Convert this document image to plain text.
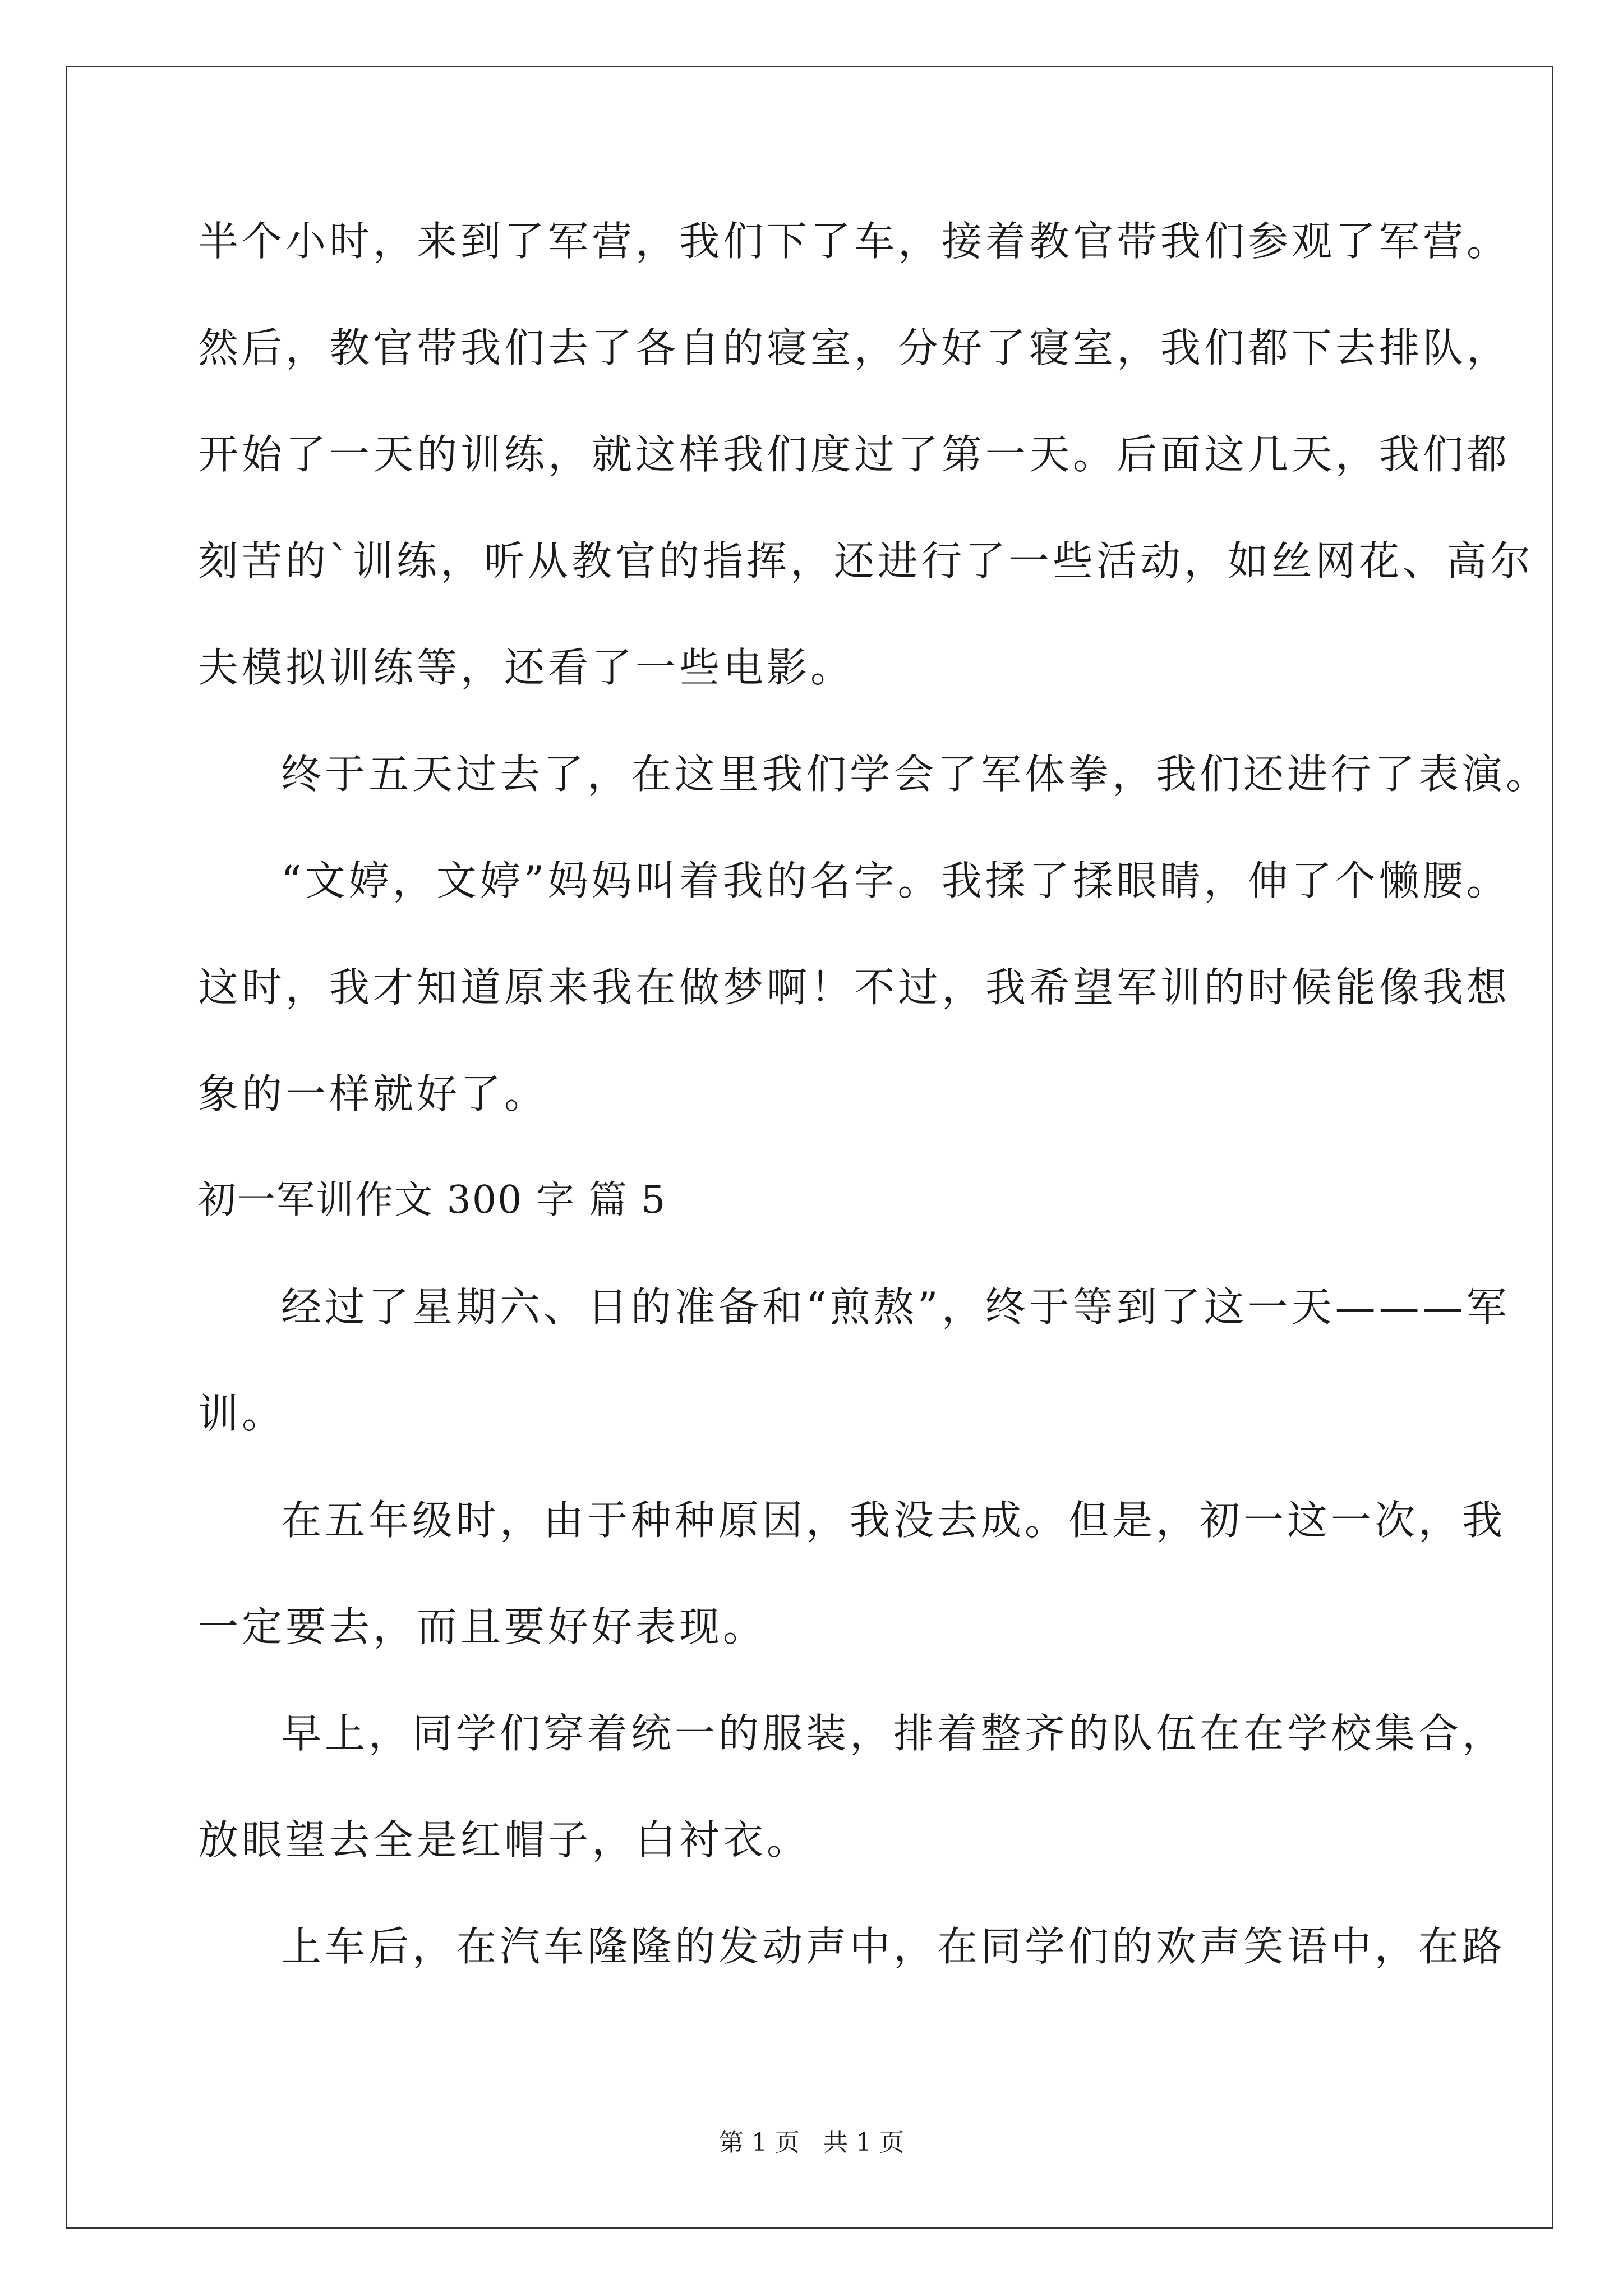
半个小时，来到了军营，我们下了车，接着教官带我们参观了军营。
然后，教官带我们去了各自的寝室，分好了寝室，我们都下去排队，
开始了一天的训练，就这样我们度过了第一天。后面这几天，我们都
刻苦的`训练，听从教官的指挥，还进行了一些活动，如丝网花、高尔
夫模拟训练等，还看了一些电影。
终于五天过去了，在这里我们学会了军体拳，我们还进行了表演。
“文婷，文婷”妈妈叫着我的名字。我揉了揉眼睛，伸了个懒腰。
这时，我才知道原来我在做梦啊！不过，我希望军训的时候能像我想
象的一样就好了。
初一军训作文 300 字 篇 5
经过了星期六、日的准备和“煎熬”，终于等到了这一天———军
训。
在五年级时，由于种种原因，我没去成。但是，初一这一次，我
一定要去，而且要好好表现。
早上，同学们穿着统一的服装，排着整齐的队伍在在学校集合，
放眼望去全是红帽子，白衬衣。
上车后，在汽车隆隆的发动声中，在同学们的欢声笑语中，在路
第 1 页 共 1 页
